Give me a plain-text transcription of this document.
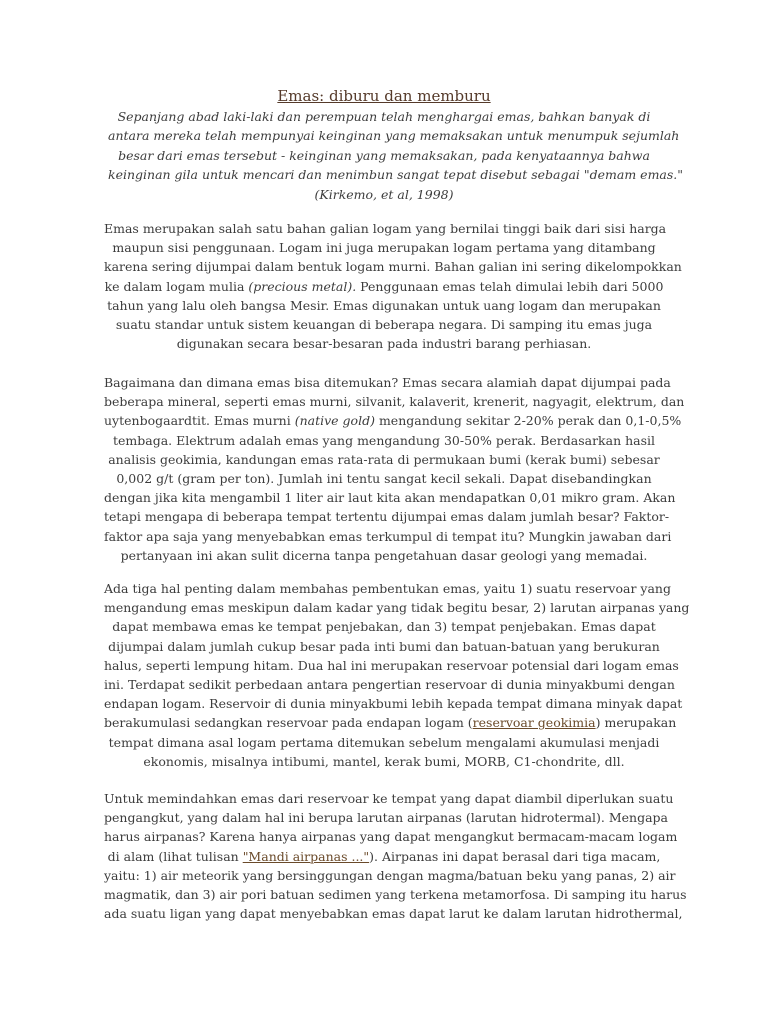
Emas: diburu dan memburu
Sepanjang abad laki-laki dan perempuan telah menghargai emas, bahkan banyak di
antara mereka telah mempunyai keinginan yang memaksakan untuk menumpuk sejumlah
besar dari emas tersebut - keinginan yang memaksakan, pada kenyataannya bahwa
keinginan gila untuk mencari dan menimbun sangat tepat disebut sebagai "demam emas."
(Kirkemo, et al, 1998)
Emas merupakan salah satu bahan galian logam yang bernilai tinggi baik dari sisi harga
maupun sisi penggunaan. Logam ini juga merupakan logam pertama yang ditambang
karena sering dijumpai dalam bentuk logam murni. Bahan galian ini sering dikelompokkan
ke dalam logam mulia (precious metal). Penggunaan emas telah dimulai lebih dari 5000
tahun yang lalu oleh bangsa Mesir. Emas digunakan untuk uang logam dan merupakan
suatu standar untuk sistem keuangan di beberapa negara. Di samping itu emas juga
digunakan secara besar-besaran pada industri barang perhiasan.
Bagaimana dan dimana emas bisa ditemukan? Emas secara alamiah dapat dijumpai pada
beberapa mineral, seperti emas murni, silvanit, kalaverit, krenerit, nagyagit, elektrum, dan
uytenbogaardtit. Emas murni (native gold) mengandung sekitar 2-20% perak dan 0,1-0,5%
tembaga. Elektrum adalah emas yang mengandung 30-50% perak. Berdasarkan hasil
analisis geokimia, kandungan emas rata-rata di permukaan bumi (kerak bumi) sebesar
0,002 g/t (gram per ton). Jumlah ini tentu sangat kecil sekali. Dapat disebandingkan
dengan jika kita mengambil 1 liter air laut kita akan mendapatkan 0,01 mikro gram. Akan
tetapi mengapa di beberapa tempat tertentu dijumpai emas dalam jumlah besar? Faktor-
faktor apa saja yang menyebabkan emas terkumpul di tempat itu? Mungkin jawaban dari
pertanyaan ini akan sulit dicerna tanpa pengetahuan dasar geologi yang memadai.
Ada tiga hal penting dalam membahas pembentukan emas, yaitu 1) suatu reservoar yang
mengandung emas meskipun dalam kadar yang tidak begitu besar, 2) larutan airpanas yang
dapat membawa emas ke tempat penjebakan, dan 3) tempat penjebakan. Emas dapat
dijumpai dalam jumlah cukup besar pada inti bumi dan batuan-batuan yang berukuran
halus, seperti lempung hitam. Dua hal ini merupakan reservoar potensial dari logam emas
ini. Terdapat sedikit perbedaan antara pengertian reservoar di dunia minyakbumi dengan
endapan logam. Reservoir di dunia minyakbumi lebih kepada tempat dimana minyak dapat
berakumulasi sedangkan reservoar pada endapan logam (reservoar geokimia) merupakan
tempat dimana asal logam pertama ditemukan sebelum mengalami akumulasi menjadi
ekonomis, misalnya intibumi, mantel, kerak bumi, MORB, C1-chondrite, dll.
Untuk memindahkan emas dari reservoar ke tempat yang dapat diambil diperlukan suatu
pengangkut, yang dalam hal ini berupa larutan airpanas (larutan hidrotermal). Mengapa
harus airpanas? Karena hanya airpanas yang dapat mengangkut bermacam-macam logam
di alam (lihat tulisan "Mandi airpanas ..."). Airpanas ini dapat berasal dari tiga macam,
yaitu: 1) air meteorik yang bersinggungan dengan magma/batuan beku yang panas, 2) air
magmatik, dan 3) air pori batuan sedimen yang terkena metamorfosa. Di samping itu harus
ada suatu ligan yang dapat menyebabkan emas dapat larut ke dalam larutan hidrothermal,
